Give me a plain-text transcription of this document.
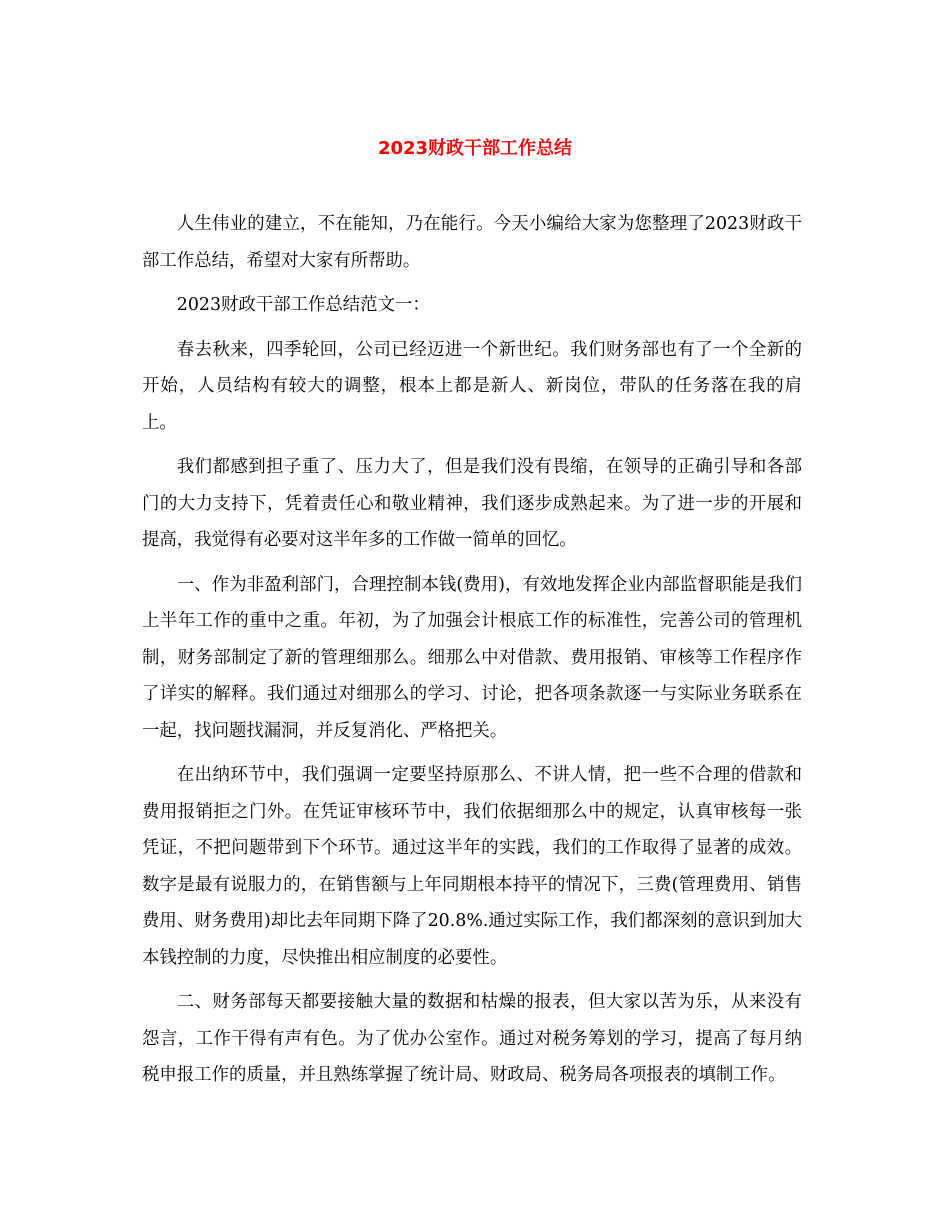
2023财政干部工作总结

人生伟业的建立，不在能知，乃在能行。今天小编给大家为您整理了2023财政干部工作总结，希望对大家有所帮助。

2023财政干部工作总结范文一：

春去秋来，四季轮回，公司已经迈进一个新世纪。我们财务部也有了一个全新的开始，人员结构有较大的调整，根本上都是新人、新岗位，带队的任务落在我的肩上。

我们都感到担子重了、压力大了，但是我们没有畏缩，在领导的正确引导和各部门的大力支持下，凭着责任心和敬业精神，我们逐步成熟起来。为了进一步的开展和提高，我觉得有必要对这半年多的工作做一简单的回忆。

一、作为非盈利部门，合理控制本钱(费用)，有效地发挥企业内部监督职能是我们上半年工作的重中之重。年初，为了加强会计根底工作的标准性，完善公司的管理机制，财务部制定了新的管理细那么。细那么中对借款、费用报销、审核等工作程序作了详实的解释。我们通过对细那么的学习、讨论，把各项条款逐一与实际业务联系在一起，找问题找漏洞，并反复消化、严格把关。

在出纳环节中，我们强调一定要坚持原那么、不讲人情，把一些不合理的借款和费用报销拒之门外。在凭证审核环节中，我们依据细那么中的规定，认真审核每一张凭证，不把问题带到下个环节。通过这半年的实践，我们的工作取得了显著的成效。数字是最有说服力的，在销售额与上年同期根本持平的情况下，三费(管理费用、销售费用、财务费用)却比去年同期下降了20.8%.通过实际工作，我们都深刻的意识到加大本钱控制的力度，尽快推出相应制度的必要性。

二、财务部每天都要接触大量的数据和枯燥的报表，但大家以苦为乐，从来没有怨言，工作干得有声有色。为了优办公室作。通过对税务筹划的学习，提高了每月纳税申报工作的质量，并且熟练掌握了统计局、财政局、税务局各项报表的填制工作。
